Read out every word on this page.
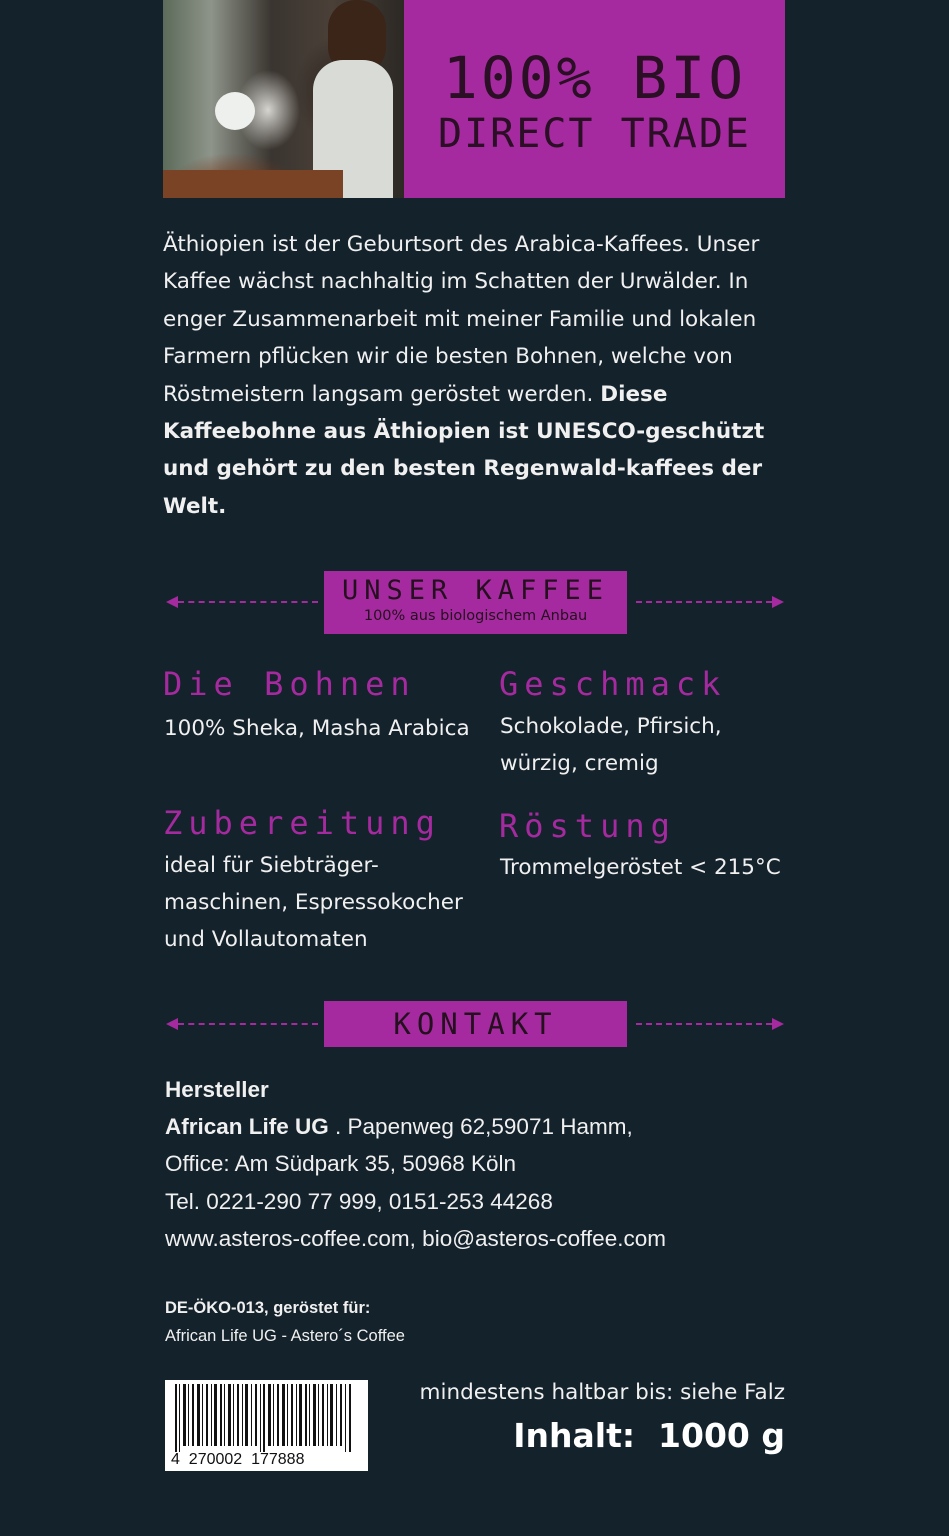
100% BIO
DIRECT TRADE
Äthiopien ist der Geburtsort des Arabica-Kaffees. Unser Kaffee wächst nachhaltig im Schatten der Urwälder. In enger Zusammenarbeit mit meiner Familie und lokalen Farmern pflücken wir die besten Bohnen, welche von Röstmeistern langsam geröstet werden. Diese Kaffeebohne aus Äthiopien ist UNESCO-geschützt und gehört zu den besten Regenwald-kaffees der Welt.
UNSER KAFFEE
100% aus biologischem Anbau
Die Bohnen
100% Sheka, Masha Arabica
Geschmack
Schokolade, Pfirsich,
würzig, cremig
Zubereitung
ideal für Siebträger-
maschinen, Espressokocher
und Vollautomaten
Röstung
Trommelgeröstet < 215°C
KONTAKT
Hersteller
African Life UG . Papenweg 62,59071 Hamm,
Office: Am Südpark 35, 50968 Köln
Tel. 0221-290 77 999, 0151-253 44268
www.asteros-coffee.com, bio@asteros-coffee.com
DE-ÖKO-013, geröstet für:
African Life UG - Astero´s Coffee
4  270002  177888
mindestens haltbar bis: siehe Falz
Inhalt:  1000 g
